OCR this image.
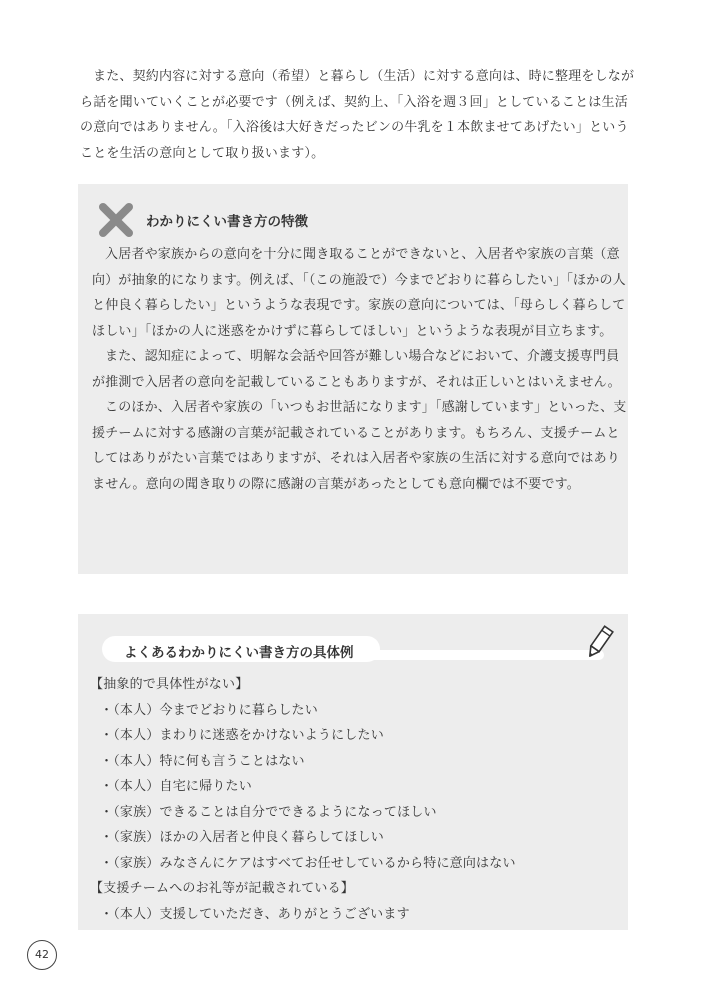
また、契約内容に対する意向（希望）と暮らし（生活）に対する意向は、時に整理をしながら話を聞いていくことが必要です（例えば、契約上、「入浴を週３回」としていることは生活の意向ではありません。「入浴後は大好きだったビンの牛乳を１本飲ませてあげたい」ということを生活の意向として取り扱います）。
わかりにくい書き方の特徴

入居者や家族からの意向を十分に聞き取ることができないと、入居者や家族の言葉（意向）が抽象的になります。例えば、「（この施設で）今までどおりに暮らしたい」「ほかの人と仲良く暮らしたい」というような表現です。家族の意向については、「母らしく暮らしてほしい」「ほかの人に迷惑をかけずに暮らしてほしい」というような表現が目立ちます。

また、認知症によって、明解な会話や回答が難しい場合などにおいて、介護支援専門員が推測で入居者の意向を記載していることもありますが、それは正しいとはいえません。

このほか、入居者や家族の「いつもお世話になります」「感謝しています」といった、支援チームに対する感謝の言葉が記載されていることがあります。もちろん、支援チームとしてはありがたい言葉ではありますが、それは入居者や家族の生活に対する意向ではありません。意向の聞き取りの際に感謝の言葉があったとしても意向欄では不要です。

よくあるわかりにくい書き方の具体例
【抽象的で具体性がない】
・（本人）今までどおりに暮らしたい
・（本人）まわりに迷惑をかけないようにしたい
・（本人）特に何も言うことはない
・（本人）自宅に帰りたい
・（家族）できることは自分でできるようになってほしい
・（家族）ほかの入居者と仲良く暮らしてほしい
・（家族）みなさんにケアはすべてお任せしているから特に意向はない
【支援チームへのお礼等が記載されている】
・（本人）支援していただき、ありがとうございます
42
